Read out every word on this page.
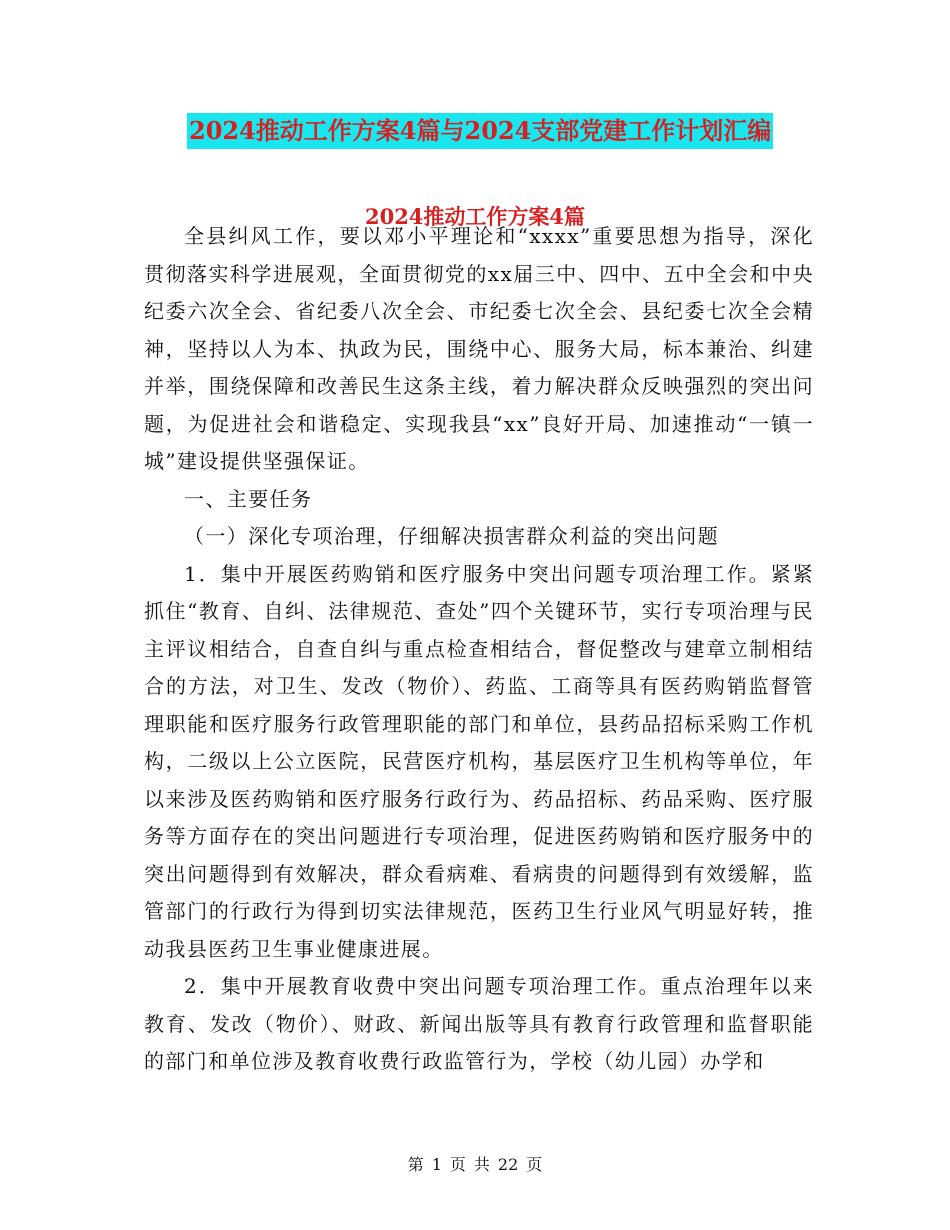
2024推动工作方案4篇与2024支部党建工作计划汇编
2024推动工作方案4篇

全县纠风工作，要以邓小平理论和“xxxx”重要思想为指导，深化贯彻落实科学进展观，全面贯彻党的xx届三中、四中、五中全会和中央纪委六次全会、省纪委八次全会、市纪委七次全会、县纪委七次全会精神，坚持以人为本、执政为民，围绕中心、服务大局，标本兼治、纠建并举，围绕保障和改善民生这条主线，着力解决群众反映强烈的突出问题，为促进社会和谐稳定、实现我县“xx”良好开局、加速推动“一镇一城”建设提供坚强保证。

一、主要任务

（一）深化专项治理，仔细解决损害群众利益的突出问题

1．集中开展医药购销和医疗服务中突出问题专项治理工作。紧紧抓住“教育、自纠、法律规范、查处”四个关键环节，实行专项治理与民主评议相结合，自查自纠与重点检查相结合，督促整改与建章立制相结合的方法，对卫生、发改（物价）、药监、工商等具有医药购销监督管理职能和医疗服务行政管理职能的部门和单位，县药品招标采购工作机构，二级以上公立医院，民营医疗机构，基层医疗卫生机构等单位，年以来涉及医药购销和医疗服务行政行为、药品招标、药品采购、医疗服务等方面存在的突出问题进行专项治理，促进医药购销和医疗服务中的突出问题得到有效解决，群众看病难、看病贵的问题得到有效缓解，监管部门的行政行为得到切实法律规范，医药卫生行业风气明显好转，推动我县医药卫生事业健康进展。

2．集中开展教育收费中突出问题专项治理工作。重点治理年以来教育、发改（物价）、财政、新闻出版等具有教育行政管理和监督职能的部门和单位涉及教育收费行政监管行为，学校（幼儿园）办学和

第 1 页 共 22 页
